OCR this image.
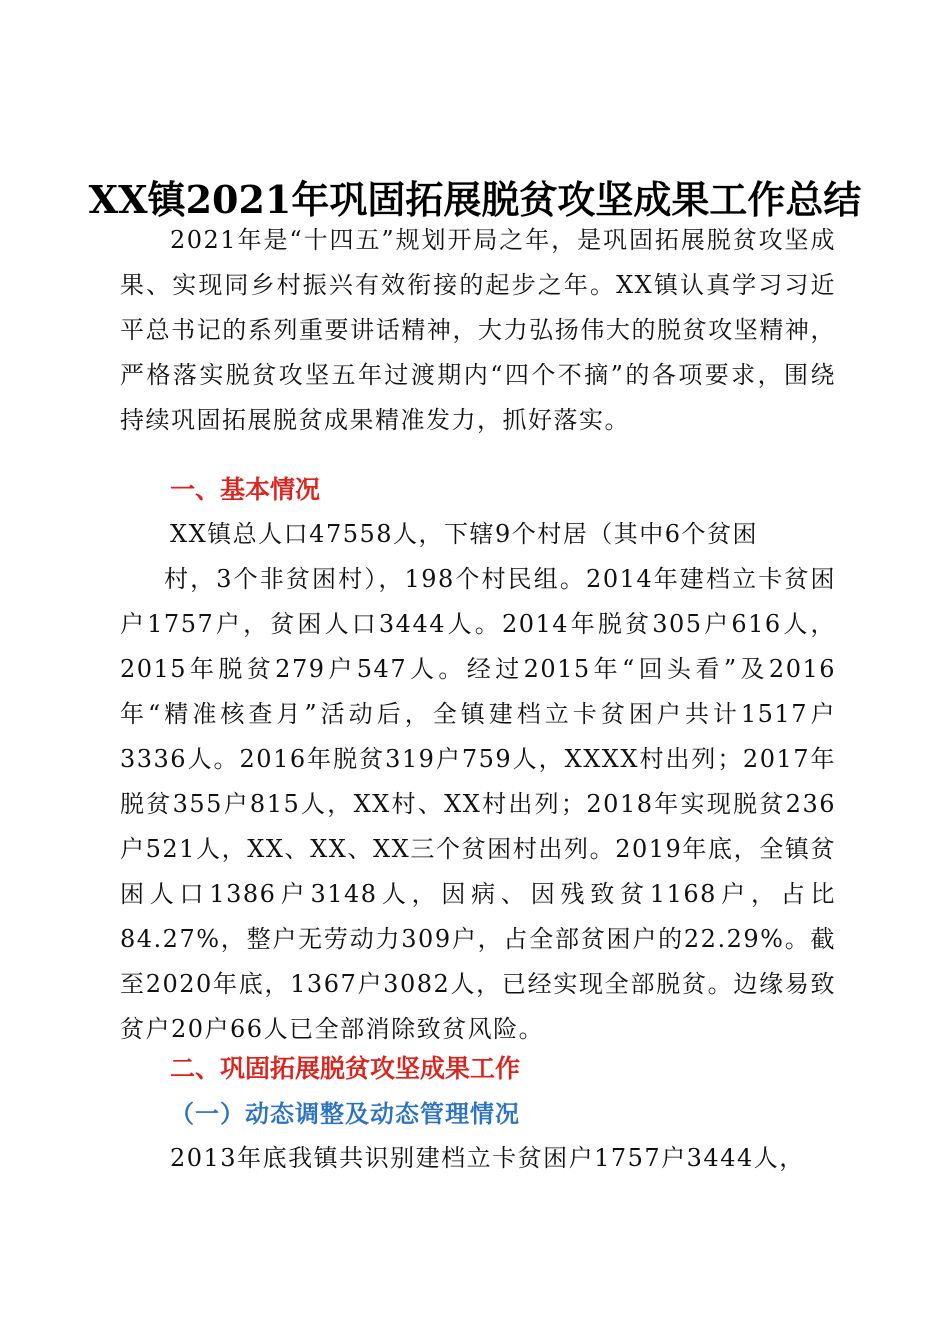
XX镇2021年巩固拓展脱贫攻坚成果工作总结

2021年是“十四五”规划开局之年，是巩固拓展脱贫攻坚成果、实现同乡村振兴有效衔接的起步之年。XX镇认真学习习近平总书记的系列重要讲话精神，大力弘扬伟大的脱贫攻坚精神，严格落实脱贫攻坚五年过渡期内“四个不摘”的各项要求，围绕持续巩固拓展脱贫成果精准发力，抓好落实。

一、基本情况

XX镇总人口47558人，下辖9个村居（其中6个贫困

村，3个非贫困村），198个村民组。2014年建档立卡贫困户1757户，贫困人口3444人。2014年脱贫305户616人，2015年脱贫279户547人。经过2015年“回头看”及2016年“精准核查月”活动后，全镇建档立卡贫困户共计1517户3336人。2016年脱贫319户759人，XXXX村出列；2017年脱贫355户815人，XX村、XX村出列；2018年实现脱贫236户521人，XX、XX、XX三个贫困村出列。2019年底，全镇贫困人口1386户3148人，因病、因残致贫1168户，占比84.27%，整户无劳动力309户，占全部贫困户的22.29%。截至2020年底，1367户3082人，已经实现全部脱贫。边缘易致贫户20户66人已全部消除致贫风险。

二、巩固拓展脱贫攻坚成果工作
（一）动态调整及动态管理情况

2013年底我镇共识别建档立卡贫困户1757户3444人，
